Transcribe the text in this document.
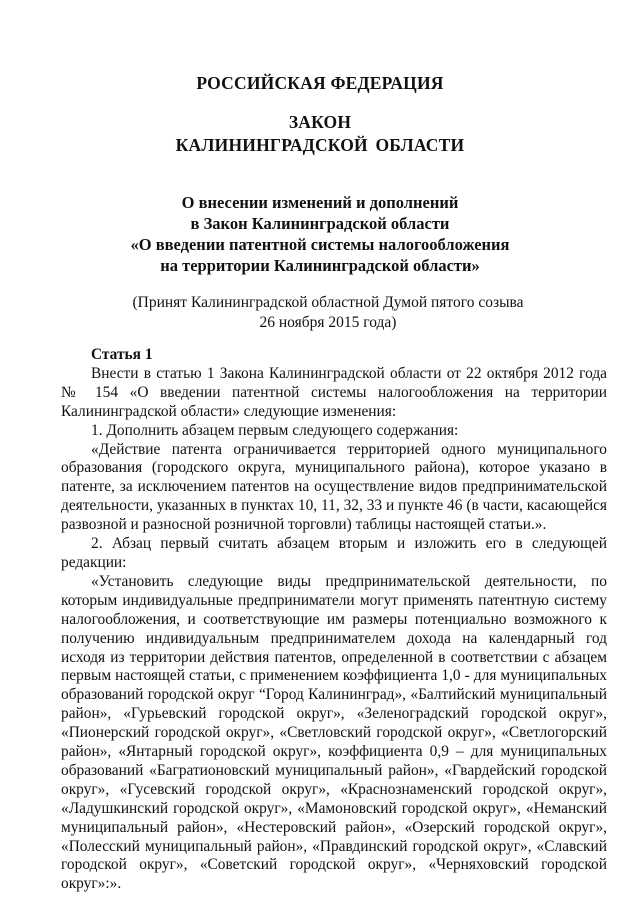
РОССИЙСКАЯ ФЕДЕРАЦИЯ
ЗАКОН
КАЛИНИНГРАДСКОЙ ОБЛАСТИ
О внесении изменений и дополнений
в Закон Калининградской области
«О введении патентной системы налогообложения
на территории Калининградской области»
(Принят Калининградской областной Думой пятого созыва
26 ноября 2015 года)

Статья 1

Внести в статью 1 Закона Калининградской области от 22 октября 2012 года № 154 «О введении патентной системы налогообложения на территории Калининградской области» следующие изменения:

1. Дополнить абзацем первым следующего содержания:

«Действие патента ограничивается территорией одного муниципального образования (городского округа, муниципального района), которое указано в патенте, за исключением патентов на осуществление видов предпринимательской деятельности, указанных в пунктах 10, 11, 32, 33 и пункте 46 (в части, касающейся развозной и разносной розничной торговли) таблицы настоящей статьи.».

2. Абзац первый считать абзацем вторым и изложить его в следующей редакции:

«Установить следующие виды предпринимательской деятельности, по которым индивидуальные предприниматели могут применять патентную систему налогообложения, и соответствующие им размеры потенциально возможного к получению индивидуальным предпринимателем дохода на календарный год исходя из территории действия патентов, определенной в соответствии с абзацем первым настоящей статьи, с применением коэффициента 1,0 - для муниципальных образований городской округ “Город Калининград», «Балтийский муниципальный район», «Гурьевский городской округ», «Зеленоградский городской округ», «Пионерский городской округ», «Светловский городской округ», «Светлогорский район», «Янтарный городской округ», коэффициента 0,9 – для муниципальных образований «Багратионовский муниципальный район», «Гвардейский городской округ», «Гусевский городской округ», «Краснознаменский городской округ», «Ладушкинский городской округ», «Мамоновский городской округ», «Неманский муниципальный район», «Нестеровский район», «Озерский городской округ», «Полесский муниципальный район», «Правдинский городской округ», «Славский городской округ», «Советский городской округ», «Черняховский городской округ»:».
